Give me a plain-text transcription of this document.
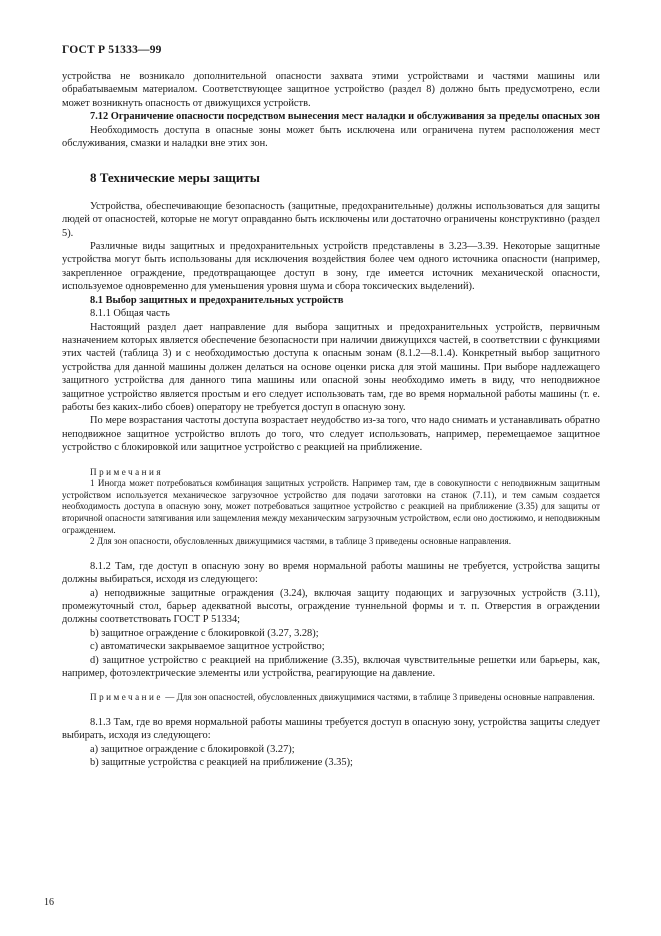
ГОСТ Р 51333—99

устройства не возникало дополнительной опасности захвата этими устройствами и частями машины или обрабатываемым материалом. Соответствующее защитное устройство (раздел 8) должно быть предусмотрено, если может возникнуть опасность от движущихся устройств.

7.12 Ограничение опасности посредством вынесения мест наладки и обслуживания за пределы опасных зон

Необходимость доступа в опасные зоны может быть исключена или ограничена путем расположения мест обслуживания, смазки и наладки вне этих зон.

8 Технические меры защиты

Устройства, обеспечивающие безопасность (защитные, предохранительные) должны использоваться для защиты людей от опасностей, которые не могут оправданно быть исключены или достаточно ограничены конструктивно (раздел 5).

Различные виды защитных и предохранительных устройств представлены в 3.23—3.39. Некоторые защитные устройства могут быть использованы для исключения воздействия более чем одного источника опасности (например, закрепленное ограждение, предотвращающее доступ в зону, где имеется источник механической опасности, используемое одновременно для уменьшения уровня шума и сбора токсических выделений).

8.1 Выбор защитных и предохранительных устройств

8.1.1 Общая часть

Настоящий раздел дает направление для выбора защитных и предохранительных устройств, первичным назначением которых является обеспечение безопасности при наличии движущихся частей, в соответствии с функциями этих частей (таблица 3) и с необходимостью доступа к опасным зонам (8.1.2—8.1.4). Конкретный выбор защитного устройства для данной машины должен делаться на основе оценки риска для этой машины. При выборе надлежащего защитного устройства для данного типа машины или опасной зоны необходимо иметь в виду, что неподвижное защитное устройство является простым и его следует использовать там, где во время нормальной работы машины (т. е. работы без каких-либо сбоев) оператору не требуется доступ в опасную зону.

По мере возрастания частоты доступа возрастает неудобство из-за того, что надо снимать и устанавливать обратно неподвижное защитное устройство вплоть до того, что следует использовать, например, перемещаемое защитное устройство с блокировкой или защитное устройство с реакцией на приближение.

Примечания

1 Иногда может потребоваться комбинация защитных устройств. Например там, где в совокупности с неподвижным защитным устройством используется механическое загрузочное устройство для подачи заготовки на станок (7.11), и тем самым создается необходимость доступа в опасную зону, может потребоваться защитное устройство с реакцией на приближение (3.35) для защиты от вторичной опасности затягивания или защемления между механическим загрузочным устройством, если оно достижимо, и неподвижным ограждением.

2 Для зон опасности, обусловленных движущимися частями, в таблице 3 приведены основные направления.

8.1.2 Там, где доступ в опасную зону во время нормальной работы машины не требуется, устройства защиты должны выбираться, исходя из следующего:

а) неподвижные защитные ограждения (3.24), включая защиту подающих и загрузочных устройств (3.11), промежуточный стол, барьер адекватной высоты, ограждение туннельной формы и т. п. Отверстия в ограждении должны соответствовать ГОСТ Р 51334;

b) защитное ограждение с блокировкой (3.27, 3.28);

c) автоматически закрываемое защитное устройство;

d) защитное устройство с реакцией на приближение (3.35), включая чувствительные решетки или барьеры, как, например, фотоэлектрические элементы или устройства, реагирующие на давление.

Примечание — Для зон опасностей, обусловленных движущимися частями, в таблице 3 приведены основные направления.

8.1.3 Там, где во время нормальной работы машины требуется доступ в опасную зону, устройства защиты следует выбирать, исходя из следующего:

а) защитное ограждение с блокировкой (3.27);

b) защитные устройства с реакцией на приближение (3.35);

16
